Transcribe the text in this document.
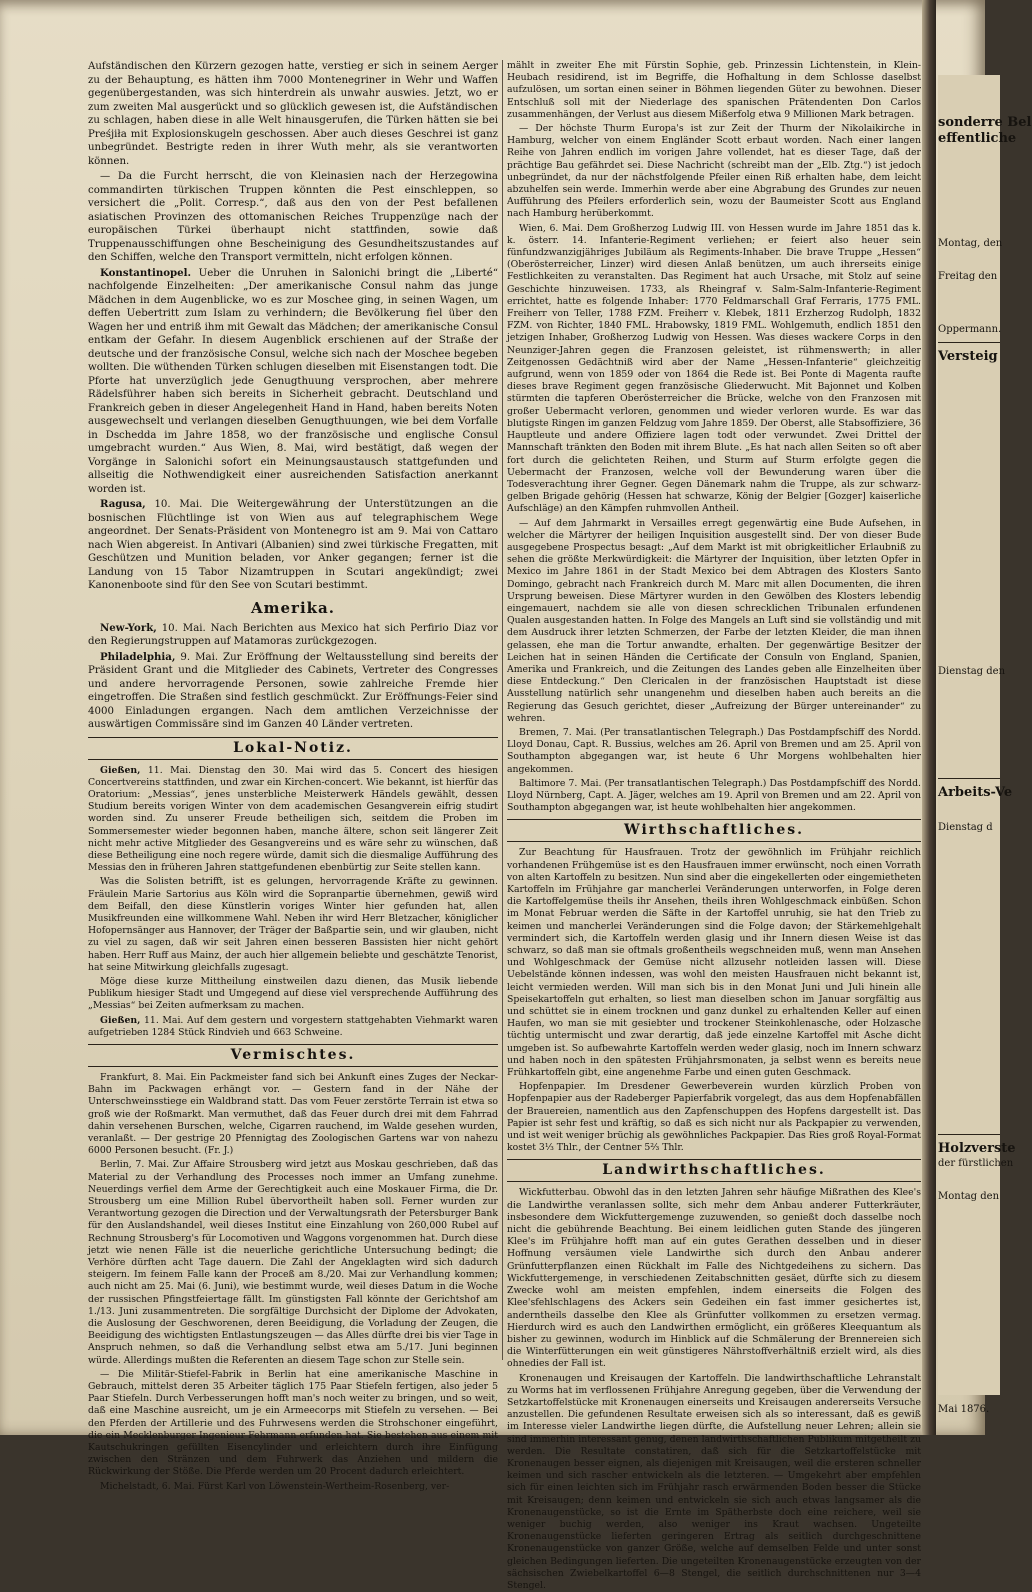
Aufständischen den Kürzern gezogen hatte, verstieg er sich in seinem Aerger zu der Behauptung, es hätten ihm 7000 Montenegriner in Wehr und Waffen gegenübergestanden, was sich hinterdrein als unwahr auswies. Jetzt, wo er zum zweiten Mal ausgerückt und so glücklich gewesen ist, die Aufständischen zu schlagen, haben diese in alle Welt hinausgerufen, die Türken hätten sie bei Preśjiła mit Explosionskugeln geschossen. Aber auch dieses Geschrei ist ganz unbegründet. Bestrigte reden in ihrer Wuth mehr, als sie verantworten können.

— Da die Furcht herrscht, die von Kleinasien nach der Herzegowina commandirten türkischen Truppen könnten die Pest einschleppen, so versichert die „Polit. Corresp.“, daß aus den von der Pest befallenen asiatischen Provinzen des ottomanischen Reiches Truppenzüge nach der europäischen Türkei überhaupt nicht stattfinden, sowie daß Truppenausschiffungen ohne Bescheinigung des Gesundheitszustandes auf den Schiffen, welche den Transport vermitteln, nicht erfolgen können.

Konstantinopel. Ueber die Unruhen in Salonichi bringt die „Liberté“ nachfolgende Einzelheiten: „Der amerikanische Consul nahm das junge Mädchen in dem Augenblicke, wo es zur Moschee ging, in seinen Wagen, um deffen Uebertritt zum Islam zu verhindern; die Bevölkerung fiel über den Wagen her und entriß ihm mit Gewalt das Mädchen; der amerikanische Consul entkam der Gefahr. In diesem Augenblick erschienen auf der Straße der deutsche und der französische Consul, welche sich nach der Moschee begeben wollten. Die wüthenden Türken schlugen dieselben mit Eisenstangen todt. Die Pforte hat unverzüglich jede Genugthuung versprochen, aber mehrere Rädelsführer haben sich bereits in Sicherheit gebracht. Deutschland und Frankreich geben in dieser Angelegenheit Hand in Hand, haben bereits Noten ausgewechselt und verlangen dieselben Genugthuungen, wie bei dem Vorfalle in Dschedda im Jahre 1858, wo der französische und englische Consul umgebracht wurden.“ Aus Wien, 8. Mai, wird bestätigt, daß wegen der Vorgänge in Salonichi sofort ein Meinungsaustausch stattgefunden und allseitig die Nothwendigkeit einer ausreichenden Satisfaction anerkannt worden ist.

Ragusa, 10. Mai. Die Weitergewährung der Unterstützungen an die bosnischen Flüchtlinge ist von Wien aus auf telegraphischem Wege angeordnet. Der Senats-Präsident von Montenegro ist am 9. Mai von Cattaro nach Wien abgereist. In Antivari (Albanien) sind zwei türkische Fregatten, mit Geschützen und Munition beladen, vor Anker gegangen; ferner ist die Landung von 15 Tabor Nizamtruppen in Scutari angekündigt; zwei Kanonenboote sind für den See von Scutari bestimmt.

Amerika.

New-York, 10. Mai. Nach Berichten aus Mexico hat sich Perfirio Diaz vor den Regierungstruppen auf Matamoras zurückgezogen.

Philadelphia, 9. Mai. Zur Eröffnung der Weltausstellung sind bereits der Präsident Grant und die Mitglieder des Cabinets, Vertreter des Congresses und andere hervorragende Personen, sowie zahlreiche Fremde hier eingetroffen. Die Straßen sind festlich geschmückt. Zur Eröffnungs-Feier sind 4000 Einladungen ergangen. Nach dem amtlichen Verzeichnisse der auswärtigen Commissäre sind im Ganzen 40 Länder vertreten.

Lokal-Notiz.

Gießen, 11. Mai. Dienstag den 30. Mai wird das 5. Concert des hiesigen Concertvereins stattfinden, und zwar ein Kirchen-concert. Wie bekannt, ist hierfür das Oratorium: „Messias“, jenes unsterbliche Meisterwerk Händels gewählt, dessen Studium bereits vorigen Winter von dem academischen Gesangverein eifrig studirt worden sind. Zu unserer Freude betheiligen sich, seitdem die Proben im Sommersemester wieder begonnen haben, manche ältere, schon seit längerer Zeit nicht mehr active Mitglieder des Gesangvereins und es wäre sehr zu wünschen, daß diese Betheiligung eine noch regere würde, damit sich die diesmalige Aufführung des Messias den in früheren Jahren stattgefundenen ebenbürtig zur Seite stellen kann.

Was die Solisten betrifft, ist es gelungen, hervorragende Kräfte zu gewinnen. Fräulein Marie Sartorius aus Köln wird die Sopranpartie übernehmen, gewiß wird dem Beifall, den diese Künstlerin voriges Winter hier gefunden hat, allen Musikfreunden eine willkommene Wahl. Neben ihr wird Herr Bletzacher, königlicher Hofopernsänger aus Hannover, der Träger der Baßpartie sein, und wir glauben, nicht zu viel zu sagen, daß wir seit Jahren einen besseren Bassisten hier nicht gehört haben. Herr Ruff aus Mainz, der auch hier allgemein beliebte und geschätzte Tenorist, hat seine Mitwirkung gleichfalls zugesagt.

Möge diese kurze Mittheilung einstweilen dazu dienen, das Musik liebende Publikum hiesiger Stadt und Umgegend auf diese viel versprechende Aufführung des „Messias“ bei Zeiten aufmerksam zu machen.

Gießen, 11. Mai. Auf dem gestern und vorgestern stattgehabten Viehmarkt waren aufgetrieben 1284 Stück Rindvieh und 663 Schweine.

Vermischtes.

Frankfurt, 8. Mai. Ein Packmeister fand sich bei Ankunft eines Zuges der Neckar-Bahn im Packwagen erhängt vor. — Gestern fand in der Nähe der Unterschweinsstiege ein Waldbrand statt. Das vom Feuer zerstörte Terrain ist etwa so groß wie der Roßmarkt. Man vermuthet, daß das Feuer durch drei mit dem Fahrrad dahin versehenen Burschen, welche, Cigarren rauchend, im Walde gesehen wurden, veranlaßt. — Der gestrige 20 Pfennigtag des Zoologischen Gartens war von nahezu 6000 Personen besucht. (Fr. J.)

Berlin, 7. Mai. Zur Affaire Strousberg wird jetzt aus Moskau geschrieben, daß das Material zu der Verhandlung des Processes noch immer an Umfang zunehme. Neuerdings verfiel dem Arme der Gerechtigkeit auch eine Moskauer Firma, die Dr. Strousberg um eine Million Rubel übervortheilt haben soll. Ferner wurden zur Verantwortung gezogen die Direction und der Verwaltungsrath der Petersburger Bank für den Auslandshandel, weil dieses Institut eine Einzahlung von 260,000 Rubel auf Rechnung Strousberg's für Locomotiven und Waggons vorgenommen hat. Durch diese jetzt wie nenen Fälle ist die neuerliche gerichtliche Untersuchung bedingt; die Verhöre dürften acht Tage dauern. Die Zahl der Angeklagten wird sich dadurch steigern. Im feinem Falle kann der Proceß am 8./20. Mai zur Verhandlung kommen; auch nicht am 25. Mai (6. Juni), wie bestimmt wurde, weil dieses Datum in die Woche der russischen Pfingstfeiertage fällt. Im günstigsten Fall könnte der Gerichtshof am 1./13. Juni zusammentreten. Die sorgfältige Durchsicht der Diplome der Advokaten, die Auslosung der Geschworenen, deren Beeidigung, die Vorladung der Zeugen, die Beeidigung des wichtigsten Entlastungszeugen — das Alles dürfte drei bis vier Tage in Anspruch nehmen, so daß die Verhandlung selbst etwa am 5./17. Juni beginnen würde. Allerdings mußten die Referenten an diesem Tage schon zur Stelle sein.

— Die Militär-Stiefel-Fabrik in Berlin hat eine amerikanische Maschine in Gebrauch, mittelst deren 35 Arbeiter täglich 175 Paar Stiefeln fertigen, also jeder 5 Paar Stiefeln. Durch Verbesserungen hofft man's noch weiter zu bringen, und so weit, daß eine Maschine ausreicht, um je ein Armeecorps mit Stiefeln zu versehen. — Bei den Pferden der Artillerie und des Fuhrwesens werden die Strohschoner eingeführt, die ein Mecklenburger Ingenieur Fehrmann erfunden hat. Sie bestehen aus einem mit Kautschukringen gefüllten Eisencylinder und erleichtern durch ihre Einfügung zwischen den Stränzen und dem Fuhrwerk das Anziehen und mildern die Rückwirkung der Stöße. Die Pferde werden um 20 Procent dadurch erleichtert.

Michelstadt, 6. Mai. Fürst Karl von Löwenstein-Wertheim-Rosenberg, ver-

mählt in zweiter Ehe mit Fürstin Sophie, geb. Prinzessin Lichtenstein, in Klein-Heubach residirend, ist im Begriffe, die Hofhaltung in dem Schlosse daselbst aufzulösen, um sortan einen seiner in Böhmen liegenden Güter zu bewohnen. Dieser Entschluß soll mit der Niederlage des spanischen Prätendenten Don Carlos zusammenhängen, der Verlust aus diesem Mißerfolg etwa 9 Millionen Mark betragen.

— Der höchste Thurm Europa's ist zur Zeit der Thurm der Nikolaikirche in Hamburg, welcher von einem Engländer Scott erbaut worden. Nach einer langen Reihe von Jahren endlich im vorigen Jahre vollendet, hat es dieser Tage, daß der prächtige Bau gefährdet sei. Diese Nachricht (schreibt man der „Elb. Ztg.“) ist jedoch unbegründet, da nur der nächstfolgende Pfeiler einen Riß erhalten habe, dem leicht abzuhelfen sein werde. Immerhin werde aber eine Abgrabung des Grundes zur neuen Aufführung des Pfeilers erforderlich sein, wozu der Baumeister Scott aus England nach Hamburg herüberkommt.

Wien, 6. Mai. Dem Großherzog Ludwig III. von Hessen wurde im Jahre 1851 das k. k. österr. 14. Infanterie-Regiment verliehen; er feiert also heuer sein fünfundzwanzigjähriges Jubiläum als Regiments-Inhaber. Die brave Truppe „Hessen“ (Oberösterreicher, Linzer) wird diesen Anlaß benützen, um auch ihrerseits einige Festlichkeiten zu veranstalten. Das Regiment hat auch Ursache, mit Stolz auf seine Geschichte hinzuweisen. 1733, als Rheingraf v. Salm-Salm-Infanterie-Regiment errichtet, hatte es folgende Inhaber: 1770 Feldmarschall Graf Ferraris, 1775 FML. Freiherr von Teller, 1788 FZM. Freiherr v. Klebek, 1811 Erzherzog Rudolph, 1832 FZM. von Richter, 1840 FML. Hrabowsky, 1819 FML. Wohlgemuth, endlich 1851 den jetzigen Inhaber, Großherzog Ludwig von Hessen. Was dieses wackere Corps in den Neunziger-Jahren gegen die Franzosen geleistet, ist rühmenswerth; in aller Zeitgenossen Gedächtniß wird aber der Name „Hessen-Infanterie“ gleichzeitig aufgrund, wenn von 1859 oder von 1864 die Rede ist. Bei Ponte di Magenta raufte dieses brave Regiment gegen französische Gliederwucht. Mit Bajonnet und Kolben stürmten die tapferen Oberösterreicher die Brücke, welche von den Franzosen mit großer Uebermacht verloren, genommen und wieder verloren wurde. Es war das blutigste Ringen im ganzen Feldzug vom Jahre 1859. Der Oberst, alle Stabsoffiziere, 36 Hauptleute und andere Offiziere lagen todt oder verwundet. Zwei Drittel der Mannschaft tränkten den Boden mit ihrem Blute. „Es hat nach allen Seiten so oft aber fort durch die gelichteten Reihen, und Sturm auf Sturm erfolgte gegen die Uebermacht der Franzosen, welche voll der Bewunderung waren über die Todesverachtung ihrer Gegner. Gegen Dänemark nahm die Truppe, als zur schwarz-gelben Brigade gehörig (Hessen hat schwarze, König der Belgier [Gozger] kaiserliche Aufschläge) an den Kämpfen ruhmvollen Antheil.

— Auf dem Jahrmarkt in Versailles erregt gegenwärtig eine Bude Aufsehen, in welcher die Märtyrer der heiligen Inquisition ausgestellt sind. Der von dieser Bude ausgegebene Prospectus besagt: „Auf dem Markt ist mit obrigkeitlicher Erlaubniß zu sehen die größte Merkwürdigkeit: die Märtyrer der Inquisition, über letzten Opfer in Mexico im Jahre 1861 in der Stadt Mexico bei dem Abtragen des Klosters Santo Domingo, gebracht nach Frankreich durch M. Marc mit allen Documenten, die ihren Ursprung beweisen. Diese Märtyrer wurden in den Gewölben des Klosters lebendig eingemauert, nachdem sie alle von diesen schrecklichen Tribunalen erfundenen Qualen ausgestanden hatten. In Folge des Mangels an Luft sind sie vollständig und mit dem Ausdruck ihrer letzten Schmerzen, der Farbe der letzten Kleider, die man ihnen gelassen, ehe man die Tortur anwandte, erhalten. Der gegenwärtige Besitzer der Leichen hat in seinen Händen die Certificate der Consuln von England, Spanien, Amerika und Frankreich, und die Zeitungen des Landes geben alle Einzelheiten über diese Entdeckung.“ Den Clericalen in der französischen Hauptstadt ist diese Ausstellung natürlich sehr unangenehm und dieselben haben auch bereits an die Regierung das Gesuch gerichtet, dieser „Aufreizung der Bürger untereinander“ zu wehren.

Bremen, 7. Mai. (Per transatlantischen Telegraph.) Das Postdampfschiff des Nordd. Lloyd Donau, Capt. R. Bussius, welches am 26. April von Bremen und am 25. April von Southampton abgegangen war, ist heute 6 Uhr Morgens wohlbehalten hier angekommen.

Baltimore 7. Mai. (Per transatlantischen Telegraph.) Das Postdampfschiff des Nordd. Lloyd Nürnberg, Capt. A. Jäger, welches am 19. April von Bremen und am 22. April von Southampton abgegangen war, ist heute wohlbehalten hier angekommen.

Wirthschaftliches.

Zur Beachtung für Hausfrauen. Trotz der gewöhnlich im Frühjahr reichlich vorhandenen Frühgemüse ist es den Hausfrauen immer erwünscht, noch einen Vorrath von alten Kartoffeln zu besitzen. Nun sind aber die eingekellerten oder eingemietheten Kartoffeln im Frühjahre gar mancherlei Veränderungen unterworfen, in Folge deren die Kartoffelgemüse theils ihr Ansehen, theils ihren Wohlgeschmack einbüßen. Schon im Monat Februar werden die Säfte in der Kartoffel unruhig, sie hat den Trieb zu keimen und mancherlei Veränderungen sind die Folge davon; der Stärkemehlgehalt vermindert sich, die Kartoffeln werden glasig und ihr Innern diesen Weise ist das schwarz, so daß man sie oftmals großentheils wegschneiden muß, wenn man Ansehen und Wohlgeschmack der Gemüse nicht allzusehr notleiden lassen will. Diese Uebelstände können indessen, was wohl den meisten Hausfrauen nicht bekannt ist, leicht vermieden werden. Will man sich bis in den Monat Juni und Juli hinein alle Speisekartoffeln gut erhalten, so liest man dieselben schon im Januar sorgfältig aus und schüttet sie in einem trocknen und ganz dunkel zu erhaltenden Keller auf einen Haufen, wo man sie mit gesiebter und trockener Steinkohlenasche, oder Holzasche tüchtig untermischt und zwar derartig, daß jede einzelne Kartoffel mit Asche dicht umgeben ist. So aufbewahrte Kartoffeln werden weder glasig, noch im Innern schwarz und haben noch in den spätesten Frühjahrsmonaten, ja selbst wenn es bereits neue Frühkartoffeln gibt, eine angenehme Farbe und einen guten Geschmack.

Hopfenpapier. Im Dresdener Gewerbeverein wurden kürzlich Proben von Hopfenpapier aus der Radeberger Papierfabrik vorgelegt, das aus dem Hopfenabfällen der Brauereien, namentlich aus den Zapfenschuppen des Hopfens dargestellt ist. Das Papier ist sehr fest und kräftig, so daß es sich nicht nur als Packpapier zu verwenden, und ist weit weniger brüchig als gewöhnliches Packpapier. Das Ries groß Royal-Format kostet 3⅓ Thlr., der Centner 5⅔ Thlr.

Landwirthschaftliches.

Wickfutterbau. Obwohl das in den letzten Jahren sehr häufige Mißrathen des Klee's die Landwirthe veranlassen sollte, sich mehr dem Anbau anderer Futterkräuter, insbesondere dem Wickfuttergemenge zuzuwenden, so genießt doch dasselbe noch nicht die gebührende Beachtung. Bei einem leidlichen guten Stande des jüngeren Klee's im Frühjahre hofft man auf ein gutes Gerathen desselben und in dieser Hoffnung versäumen viele Landwirthe sich durch den Anbau anderer Grünfutterpflanzen einen Rückhalt im Falle des Nichtgedeihens zu sichern. Das Wickfuttergemenge, in verschiedenen Zeitabschnitten gesäet, dürfte sich zu diesem Zwecke wohl am meisten empfehlen, indem einerseits die Folgen des Klee'sfehlschlagens des Ackers sein Gedeihen ein fast immer gesichertes ist, anderntheils dasselbe den Klee als Grünfutter vollkommen zu ersetzen vermag. Hierdurch wird es auch den Landwirthen ermöglicht, ein größeres Kleequantum als bisher zu gewinnen, wodurch im Hinblick auf die Schmälerung der Brennereien sich die Winterfütterungen ein weit günstigeres Nährstoffverhältniß erzielt wird, als dies ohnedies der Fall ist.

Kronenaugen und Kreisaugen der Kartoffeln. Die landwirthschaftliche Lehranstalt zu Worms hat im verflossenen Frühjahre Anregung gegeben, über die Verwendung der Setzkartoffelstücke mit Kronenaugen einerseits und Kreisaugen andererseits Versuche anzustellen. Die gefundenen Resultate erweisen sich als so interessant, daß es gewiß im Interesse vieler Landwirthe liegen dürfte, die Aufstellung neuer Lehren; allein sie sind immerhin interessant genug, denen landwirthschaftlichen Publikum mitgetheilt zu werden. Die Resultate constatiren, daß sich für die Setzkartoffelstücke mit Kronenaugen besser eignen, als diejenigen mit Kreisaugen, weil die ersteren schneller keimen und sich rascher entwickeln als die letzteren. — Umgekehrt aber empfehlen sich für einen leichten sich im Frühjahr rasch erwärmenden Boden besser die Stücke mit Kreisaugen; denn keimen und entwickeln sie sich auch etwas langsamer als die Kronenaugenstücke, so ist die Ernte im Spätherbste doch eine reichere, weil sie weniger buchig werden, also weniger ins Kraut wachsen. Ungeteilte Kronenaugenstücke lieferten geringeren Ertrag als seitlich durchgeschnittene Kronenaugenstücke von ganzer Größe, welche auf demselben Felde und unter sonst gleichen Bedingungen lieferten. Die ungeteilten Kronenaugenstücke erzeugten von der sächsischen Zwiebelkartoffel 6—8 Stengel, die seitlich durchschnittenen nur 3—4 Stengel.

sonderre Bel

effentliche

Montag, den

Freitag den

Oppermann.

Versteig

Dienstag den

Arbeits-Ve

Dienstag d

Holzverste

der fürstlichen

Montag den

Mai 1876.
